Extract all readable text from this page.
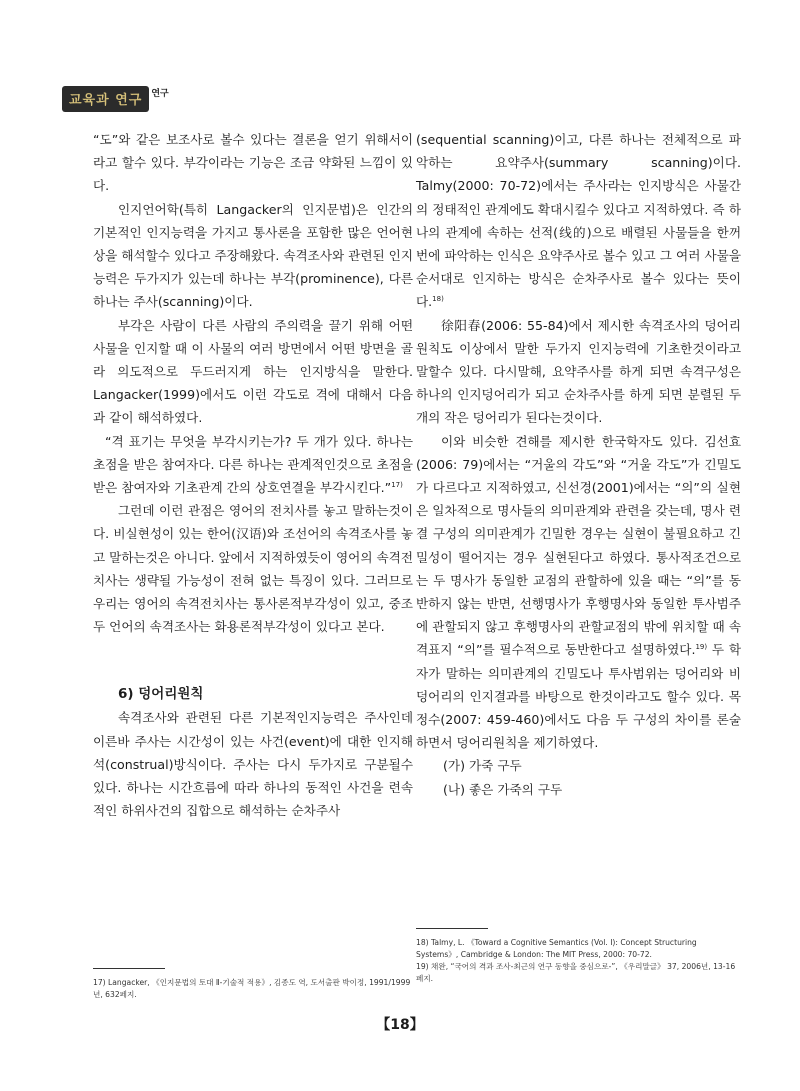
교육과 연구 연구

“도”와 같은 보조사로 볼수 있다는 결론을 얻기 위해서이라고 할수 있다. 부각이라는 기능은 조금 약화된 느낌이 있다.

인지언어학(특히 Langacker의 인지문법)은 인간의 기본적인 인지능력을 가지고 통사론을 포함한 많은 언어현상을 해석할수 있다고 주장해왔다. 속격조사와 관련된 인지능력은 두가지가 있는데 하나는 부각(prominence), 다른 하나는 주사(scanning)이다.

부각은 사람이 다른 사람의 주의력을 끌기 위해 어떤 사물을 인지할 때 이 사물의 여러 방면에서 어떤 방면을 골라 의도적으로 두드러지게 하는 인지방식을 말한다. Langacker(1999)에서도 이런 각도로 격에 대해서 다음과 같이 해석하였다.

“격 표기는 무엇을 부각시키는가? 두 개가 있다. 하나는 초점을 받은 참여자다. 다른 하나는 관계적인것으로 초점을 받은 참여자와 기초관계 간의 상호연결을 부각시킨다.”$^{17)}$

그런데 이런 관점은 영어의 전치사를 놓고 말하는것이다. 비실현성이 있는 한어(汉语)와 조선어의 속격조사를 놓고 말하는것은 아니다. 앞에서 지적하였듯이 영어의 속격전치사는 생략될 가능성이 전혀 없는 특징이 있다. 그러므로 우리는 영어의 속격전치사는 통사론적부각성이 있고, 중조 두 언어의 속격조사는 화용론적부각성이 있다고 본다.

6) 덩어리원칙

속격조사와 관련된 다른 기본적인지능력은 주사인데 이른바 주사는 시간성이 있는 사건(event)에 대한 인지해석(construal)방식이다. 주사는 다시 두가지로 구분될수 있다. 하나는 시간흐름에 따라 하나의 동적인 사건을 련속적인 하위사건의 집합으로 해석하는 순차주사

(sequential scanning)이고, 다른 하나는 전체적으로 파악하는 요약주사(summary scanning)이다. Talmy(2000: 70-72)에서는 주사라는 인지방식은 사물간의 정태적인 관계에도 확대시킬수 있다고 지적하였다. 즉 하나의 관계에 속하는 선적(线的)으로 배렬된 사물들을 한꺼번에 파악하는 인식은 요약주사로 볼수 있고 그 여러 사물을 순서대로 인지하는 방식은 순차주사로 볼수 있다는 뜻이다.$^{18)}$

徐阳春(2006: 55-84)에서 제시한 속격조사의 덩어리원칙도 이상에서 말한 두가지 인지능력에 기초한것이라고 말할수 있다. 다시말해, 요약주사를 하게 되면 속격구성은 하나의 인지덩어리가 되고 순차주사를 하게 되면 분렬된 두개의 작은 덩어리가 된다는것이다.

이와 비슷한 견해를 제시한 한국학자도 있다. 김선효(2006: 79)에서는 “거울의 각도”와 “거울 각도”가 긴밀도가 다르다고 지적하였고, 신선경(2001)에서는 “의”의 실현은 일차적으로 명사들의 의미관계와 관련을 갖는데, 명사 련결 구성의 의미관계가 긴밀한 경우는 실현이 불필요하고 긴밀성이 떨어지는 경우 실현된다고 하였다. 통사적조건으로는 두 명사가 동일한 교점의 관할하에 있을 때는 “의”를 동반하지 않는 반면, 선행명사가 후행명사와 동일한 투사범주에 관할되지 않고 후행명사의 관할교점의 밖에 위치할 때 속격표지 “의”를 필수적으로 동반한다고 설명하였다.$^{19)}$ 두 학자가 말하는 의미관계의 긴밀도나 투사범위는 덩어리와 비덩어리의 인지결과를 바탕으로 한것이라고도 할수 있다. 목정수(2007: 459-460)에서도 다음 두 구성의 차이를 론술하면서 덩어리원칙을 제기하였다.

(가) 가죽 구두

(나) 좋은 가죽의 구두

17) Langacker, 《인지문법의 토대 Ⅱ-기술적 적용》, 김종도 역, 도서출판 박이정, 1991/1999년, 632페지.
18) Talmy, L. 《Toward a Cognitive Semantics (Vol. Ⅰ): Concept Structuring Systems》, Cambridge & London: The MIT Press, 2000: 70-72.
19) 채완, “국어의 격과 조사-최근의 연구 동향을 중심으로-”, 《우리말글》 37, 2006년, 13-16페지.
【18】
